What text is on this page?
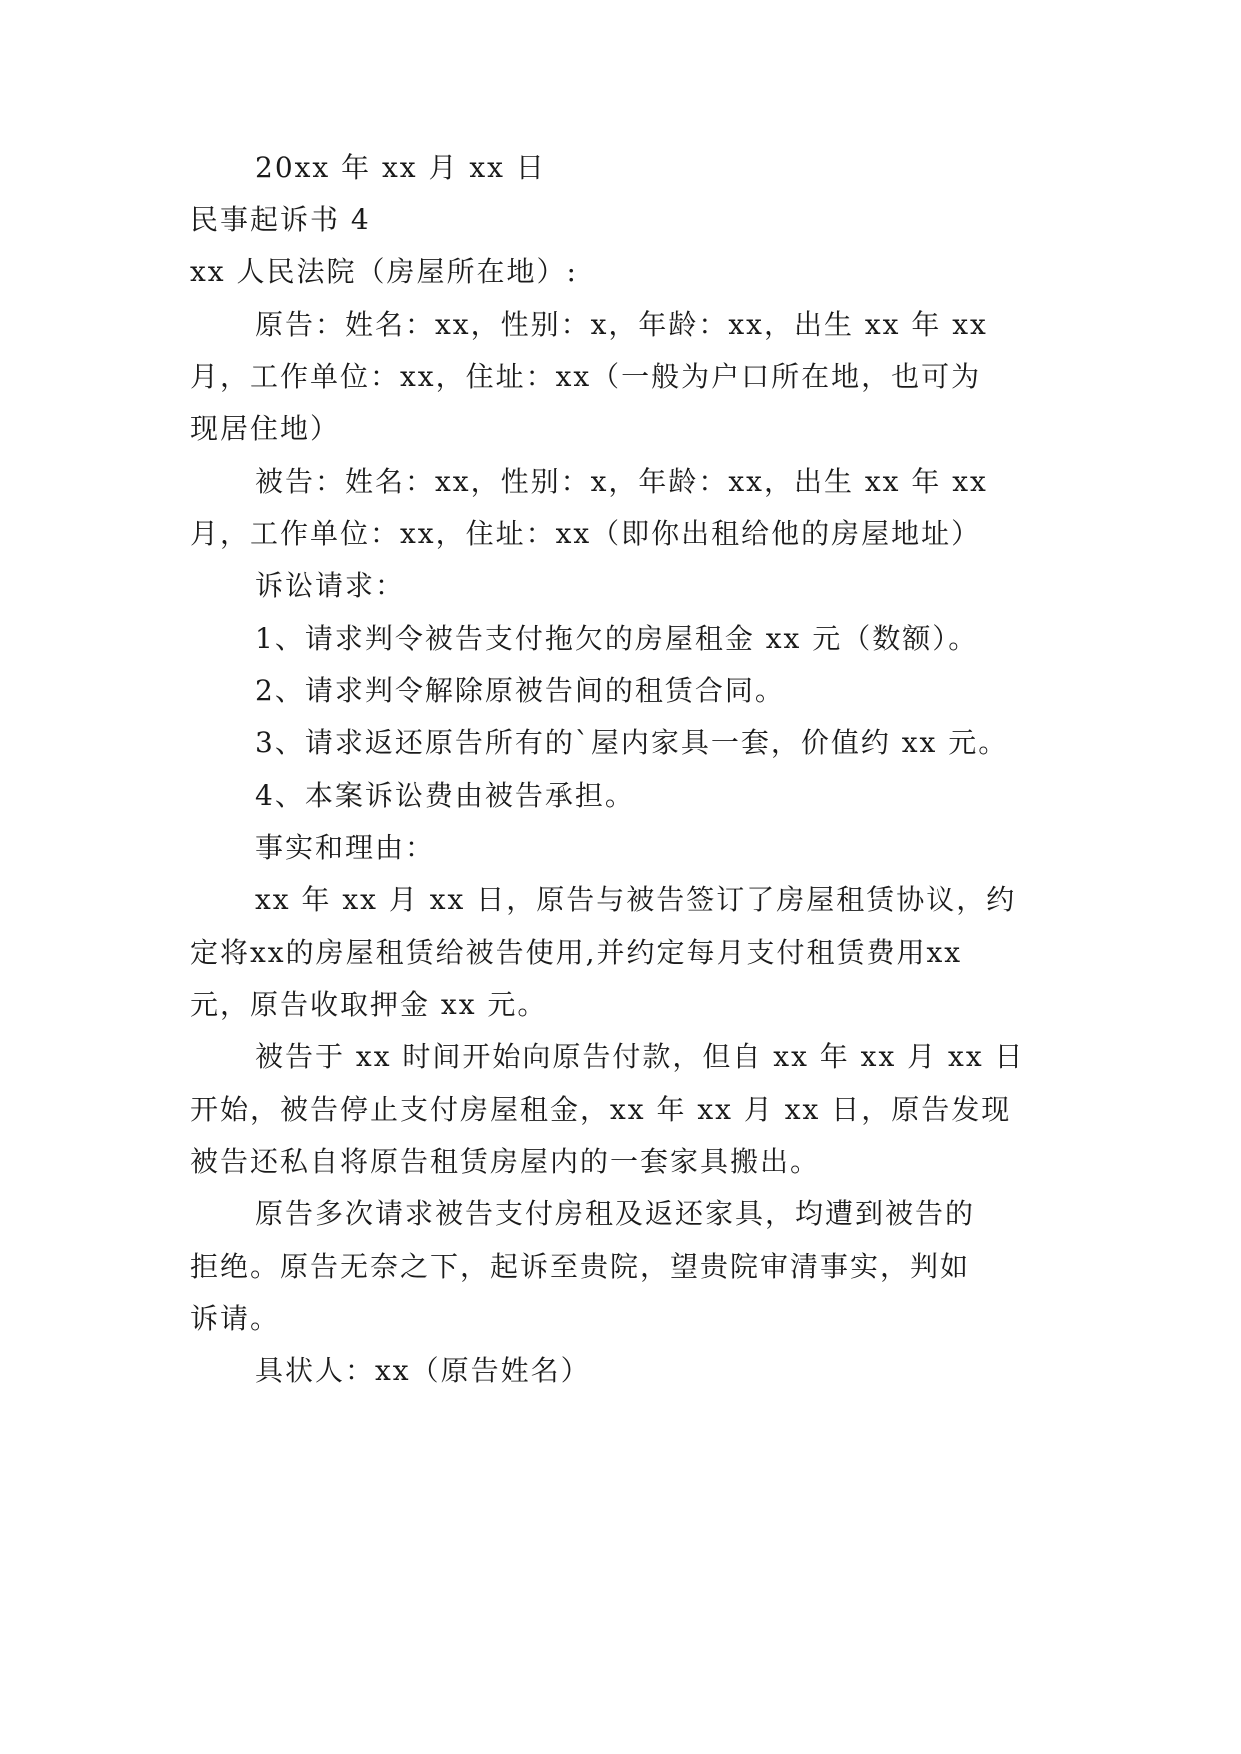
20xx 年 xx 月 xx 日
民事起诉书 4
xx 人民法院（房屋所在地）:
原告：姓名：xx，性别：x，年龄：xx，出生 xx 年 xx
月，工作单位：xx，住址：xx（一般为户口所在地，也可为
现居住地）
被告：姓名：xx，性别：x，年龄：xx，出生 xx 年 xx
月，工作单位：xx，住址：xx（即你出租给他的房屋地址）
诉讼请求：
1、请求判令被告支付拖欠的房屋租金 xx 元（数额）。
2、请求判令解除原被告间的租赁合同。
3、请求返还原告所有的`屋内家具一套，价值约 xx 元。
4、本案诉讼费由被告承担。
事实和理由：
xx 年 xx 月 xx 日，原告与被告签订了房屋租赁协议，约
定将xx的房屋租赁给被告使用,并约定每月支付租赁费用xx
元，原告收取押金 xx 元。
被告于 xx 时间开始向原告付款，但自 xx 年 xx 月 xx 日
开始，被告停止支付房屋租金，xx 年 xx 月 xx 日，原告发现
被告还私自将原告租赁房屋内的一套家具搬出。
原告多次请求被告支付房租及返还家具，均遭到被告的
拒绝。原告无奈之下，起诉至贵院，望贵院审清事实，判如
诉请。
具状人：xx（原告姓名）
